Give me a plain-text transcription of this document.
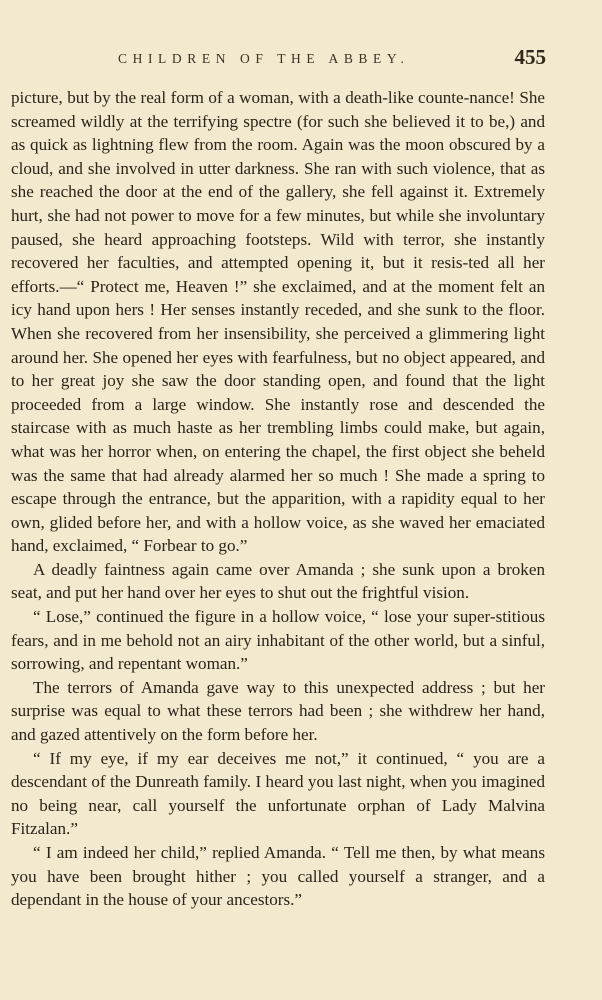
CHILDREN OF THE ABBEY.	455

picture, but by the real form of a woman, with a death-like counte-nance! She screamed wildly at the terrifying spectre (for such she believed it to be,) and as quick as lightning flew from the room. Again was the moon obscured by a cloud, and she involved in utter darkness. She ran with such violence, that as she reached the door at the end of the gallery, she fell against it. Extremely hurt, she had not power to move for a few minutes, but while she involuntary paused, she heard approaching footsteps. Wild with terror, she instantly recovered her faculties, and attempted opening it, but it resis-ted all her efforts.—“ Protect me, Heaven !” she exclaimed, and at the moment felt an icy hand upon hers ! Her senses instantly receded, and she sunk to the floor. When she recovered from her insensibility, she perceived a glimmering light around her. She opened her eyes with fearfulness, but no object appeared, and to her great joy she saw the door standing open, and found that the light proceeded from a large window. She instantly rose and descended the staircase with as much haste as her trembling limbs could make, but again, what was her horror when, on entering the chapel, the first object she beheld was the same that had already alarmed her so much ! She made a spring to escape through the entrance, but the apparition, with a rapidity equal to her own, glided before her, and with a hollow voice, as she waved her emaciated hand, exclaimed, “ Forbear to go.”

A deadly faintness again came over Amanda ; she sunk upon a broken seat, and put her hand over her eyes to shut out the frightful vision.

“ Lose,” continued the figure in a hollow voice, “ lose your super-stitious fears, and in me behold not an airy inhabitant of the other world, but a sinful, sorrowing, and repentant woman.”

The terrors of Amanda gave way to this unexpected address ; but her surprise was equal to what these terrors had been ; she withdrew her hand, and gazed attentively on the form before her.

“ If my eye, if my ear deceives me not,” it continued, “ you are a descendant of the Dunreath family. I heard you last night, when you imagined no being near, call yourself the unfortunate orphan of Lady Malvina Fitzalan.”

“ I am indeed her child,” replied Amanda. “ Tell me then, by what means you have been brought hither ; you called yourself a stranger, and a dependant in the house of your ancestors.”
